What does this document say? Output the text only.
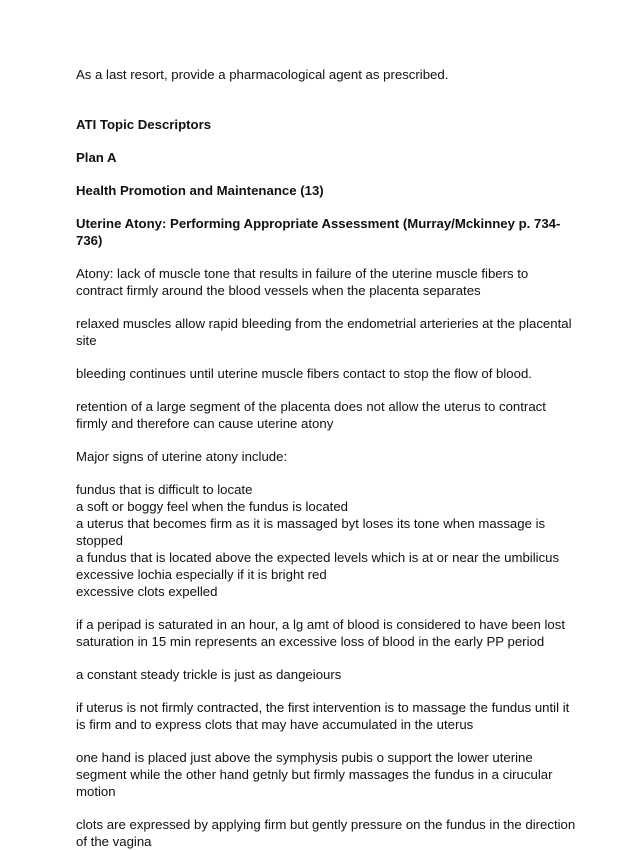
As a last resort, provide a pharmacological agent as prescribed.

ATI Topic Descriptors

Plan A

Health Promotion and Maintenance (13)

Uterine Atony: Performing Appropriate Assessment (Murray/Mckinney p. 734-736)

Atony: lack of muscle tone that results in failure of the uterine muscle fibers to contract firmly around the blood vessels when the placenta separates

relaxed muscles allow rapid bleeding from the endometrial arterieries at the placental site

bleeding continues until uterine muscle fibers contact to stop the flow of blood.

retention of a large segment of the placenta does not allow the uterus to contract firmly and therefore can cause uterine atony

Major signs of uterine atony include:

fundus that is difficult to locate

a soft or boggy feel when the fundus is located

a uterus that becomes firm as it is massaged byt loses its tone when massage is stopped

a fundus that is located above the expected levels which is at or near the umbilicus

excessive lochia especially if it is bright red

excessive clots expelled

if a peripad is saturated in an hour, a lg amt of blood is considered to have been lost saturation in 15 min represents an excessive loss of blood in the early PP period

a constant steady trickle is just as dangeiours

if uterus is not firmly contracted, the first intervention is to massage the fundus until it is firm and to express clots that may have accumulated in the uterus

one hand is placed just above the symphysis pubis o support the lower uterine segment while the other hand getnly but firmly massages the fundus in a cirucular motion

clots are expressed by applying firm but gently pressure on the fundus in the direction of the vagina
